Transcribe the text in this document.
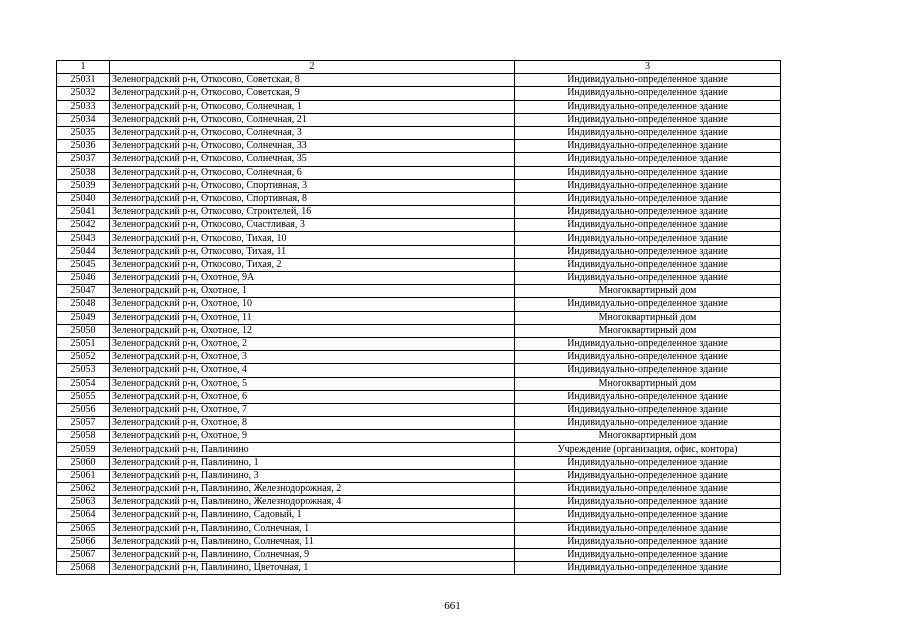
1	2	3
25031	Зеленоградский р-н, Откосово, Советская, 8	Индивидуально-определенное здание
25032	Зеленоградский р-н, Откосово, Советская, 9	Индивидуально-определенное здание
25033	Зеленоградский р-н, Откосово, Солнечная, 1	Индивидуально-определенное здание
25034	Зеленоградский р-н, Откосово, Солнечная, 21	Индивидуально-определенное здание
25035	Зеленоградский р-н, Откосово, Солнечная, 3	Индивидуально-определенное здание
25036	Зеленоградский р-н, Откосово, Солнечная, 33	Индивидуально-определенное здание
25037	Зеленоградский р-н, Откосово, Солнечная, 35	Индивидуально-определенное здание
25038	Зеленоградский р-н, Откосово, Солнечная, 6	Индивидуально-определенное здание
25039	Зеленоградский р-н, Откосово, Спортивная, 3	Индивидуально-определенное здание
25040	Зеленоградский р-н, Откосово, Спортивная, 8	Индивидуально-определенное здание
25041	Зеленоградский р-н, Откосово, Строителей, 16	Индивидуально-определенное здание
25042	Зеленоградский р-н, Откосово, Счастливая, 3	Индивидуально-определенное здание
25043	Зеленоградский р-н, Откосово, Тихая, 10	Индивидуально-определенное здание
25044	Зеленоградский р-н, Откосово, Тихая, 11	Индивидуально-определенное здание
25045	Зеленоградский р-н, Откосово, Тихая, 2	Индивидуально-определенное здание
25046	Зеленоградский р-н, Охотное, 9А	Индивидуально-определенное здание
25047	Зеленоградский р-н, Охотное, 1	Многоквартирный дом
25048	Зеленоградский р-н, Охотное, 10	Индивидуально-определенное здание
25049	Зеленоградский р-н, Охотное, 11	Многоквартирный дом
25050	Зеленоградский р-н, Охотное, 12	Многоквартирный дом
25051	Зеленоградский р-н, Охотное, 2	Индивидуально-определенное здание
25052	Зеленоградский р-н, Охотное, 3	Индивидуально-определенное здание
25053	Зеленоградский р-н, Охотное, 4	Индивидуально-определенное здание
25054	Зеленоградский р-н, Охотное, 5	Многоквартирный дом
25055	Зеленоградский р-н, Охотное, 6	Индивидуально-определенное здание
25056	Зеленоградский р-н, Охотное, 7	Индивидуально-определенное здание
25057	Зеленоградский р-н, Охотное, 8	Индивидуально-определенное здание
25058	Зеленоградский р-н, Охотное, 9	Многоквартирный дом
25059	Зеленоградский р-н, Павлинино	Учреждение (организация, офис, контора)
25060	Зеленоградский р-н, Павлинино, 1	Индивидуально-определенное здание
25061	Зеленоградский р-н, Павлинино, 3	Индивидуально-определенное здание
25062	Зеленоградский р-н, Павлинино, Железнодорожная, 2	Индивидуально-определенное здание
25063	Зеленоградский р-н, Павлинино, Железнодорожная, 4	Индивидуально-определенное здание
25064	Зеленоградский р-н, Павлинино, Садовый, 1	Индивидуально-определенное здание
25065	Зеленоградский р-н, Павлинино, Солнечная, 1	Индивидуально-определенное здание
25066	Зеленоградский р-н, Павлинино, Солнечная, 11	Индивидуально-определенное здание
25067	Зеленоградский р-н, Павлинино, Солнечная, 9	Индивидуально-определенное здание
25068	Зеленоградский р-н, Павлинино, Цветочная, 1	Индивидуально-определенное здание
661
